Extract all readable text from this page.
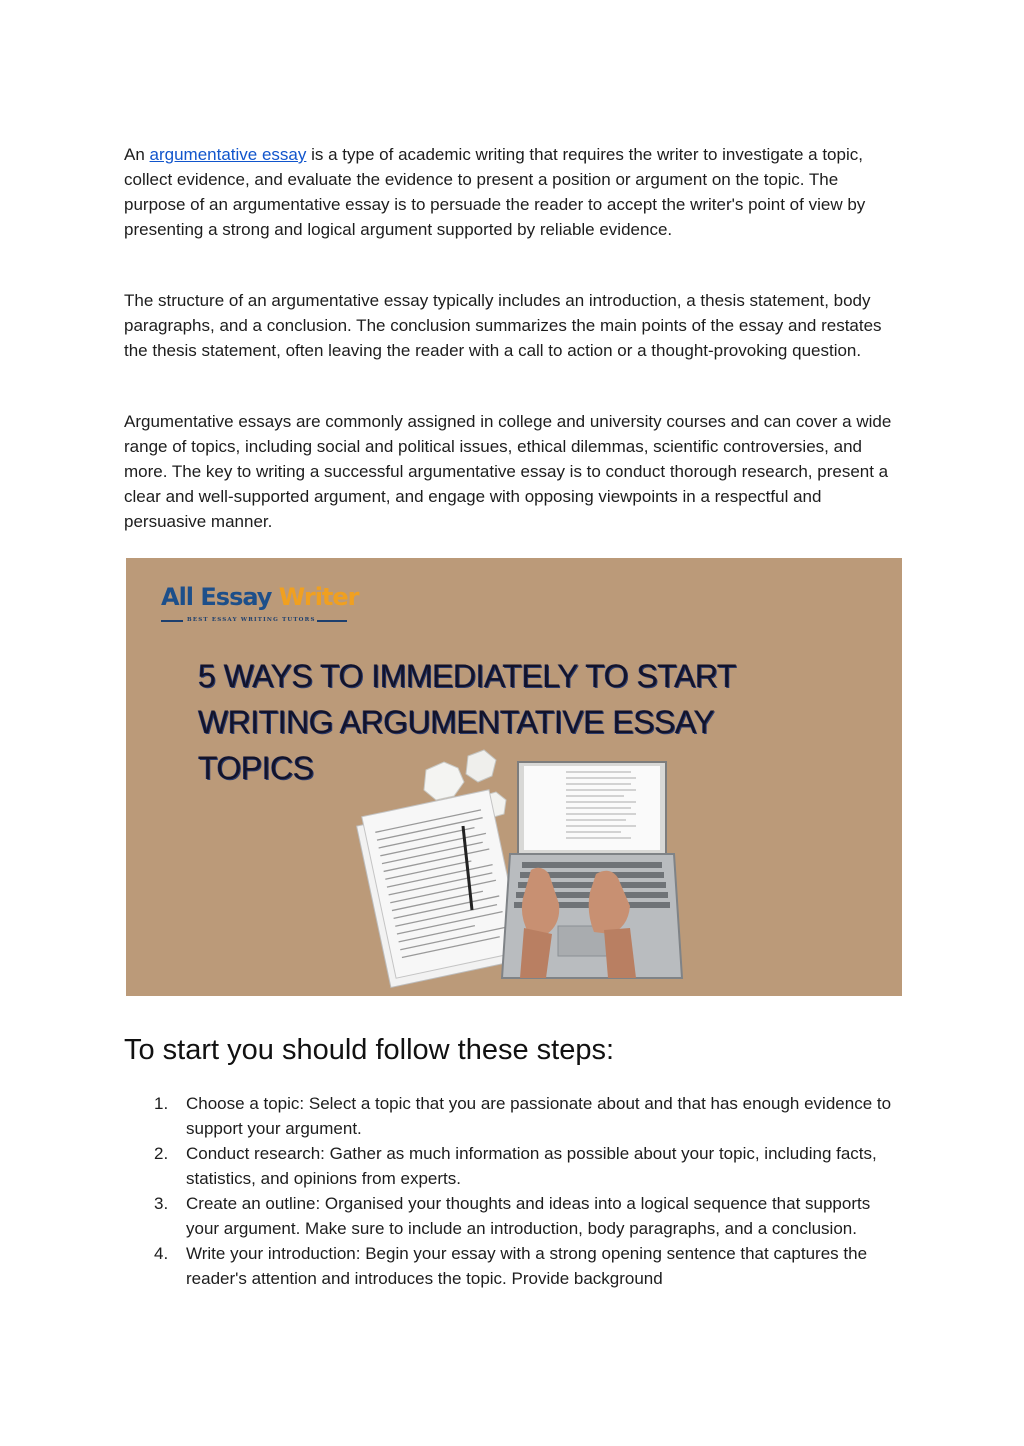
An argumentative essay is a type of academic writing that requires the writer to investigate a topic, collect evidence, and evaluate the evidence to present a position or argument on the topic. The purpose of an argumentative essay is to persuade the reader to accept the writer's point of view by presenting a strong and logical argument supported by reliable evidence.

The structure of an argumentative essay typically includes an introduction, a thesis statement, body paragraphs, and a conclusion. The conclusion summarizes the main points of the essay and restates the thesis statement, often leaving the reader with a call to action or a thought-provoking question.

Argumentative essays are commonly assigned in college and university courses and can cover a wide range of topics, including social and political issues, ethical dilemmas, scientific controversies, and more. The key to writing a successful argumentative essay is to conduct thorough research, present a clear and well-supported argument, and engage with opposing viewpoints in a respectful and persuasive manner.

All Essay Writer
BEST ESSAY WRITING TUTORS
5 WAYS TO IMMEDIATELY TO START
WRITING ARGUMENTATIVE ESSAY
TOPICS
To start you should follow these steps:
1. Choose a topic: Select a topic that you are passionate about and that has enough evidence to support your argument.
2. Conduct research: Gather as much information as possible about your topic, including facts, statistics, and opinions from experts.
3. Create an outline: Organised your thoughts and ideas into a logical sequence that supports your argument. Make sure to include an introduction, body paragraphs, and a conclusion.
4. Write your introduction: Begin your essay with a strong opening sentence that captures the reader's attention and introduces the topic. Provide background
